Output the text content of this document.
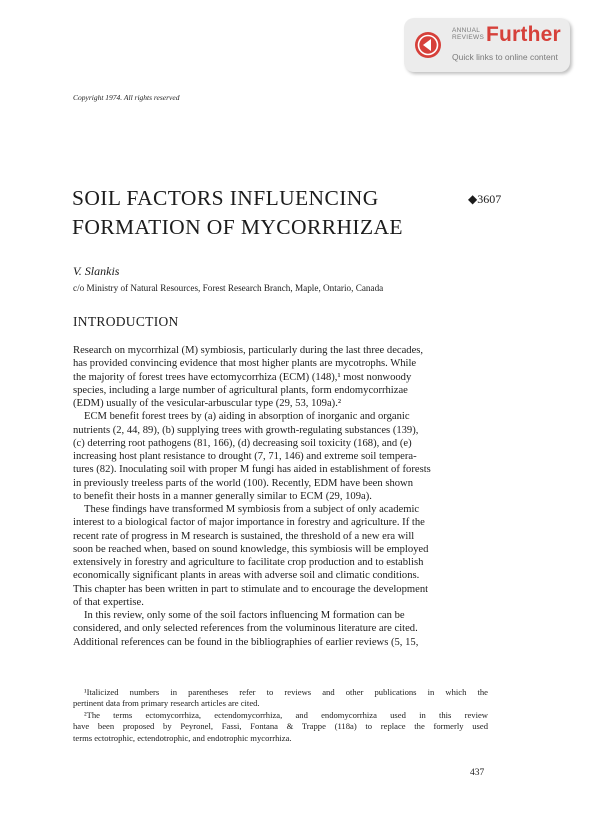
ANNUAL
REVIEWS Further
Quick links to online content
Copyright 1974. All rights reserved
SOIL FACTORS INFLUENCING
FORMATION OF MYCORRHIZAE
◆3607
V. Slankis
c/o Ministry of Natural Resources, Forest Research Branch, Maple, Ontario, Canada
INTRODUCTION
Research on mycorrhizal (M) symbiosis, particularly during the last three decades,
has provided convincing evidence that most higher plants are mycotrophs. While
the majority of forest trees have ectomycorrhiza (ECM) (148),¹ most nonwoody
species, including a large number of agricultural plants, form endomycorrhizae
(EDM) usually of the vesicular-arbuscular type (29, 53, 109a).²
ECM benefit forest trees by (a) aiding in absorption of inorganic and organic
nutrients (2, 44, 89), (b) supplying trees with growth-regulating substances (139),
(c) deterring root pathogens (81, 166), (d) decreasing soil toxicity (168), and (e)
increasing host plant resistance to drought (7, 71, 146) and extreme soil tempera-
tures (82). Inoculating soil with proper M fungi has aided in establishment of forests
in previously treeless parts of the world (100). Recently, EDM have been shown
to benefit their hosts in a manner generally similar to ECM (29, 109a).
These findings have transformed M symbiosis from a subject of only academic
interest to a biological factor of major importance in forestry and agriculture. If the
recent rate of progress in M research is sustained, the threshold of a new era will
soon be reached when, based on sound knowledge, this symbiosis will be employed
extensively in forestry and agriculture to facilitate crop production and to establish
economically significant plants in areas with adverse soil and climatic conditions.
This chapter has been written in part to stimulate and to encourage the development
of that expertise.
In this review, only some of the soil factors influencing M formation can be
considered, and only selected references from the voluminous literature are cited.
Additional references can be found in the bibliographies of earlier reviews (5, 15,
¹Italicized numbers in parentheses refer to reviews and other publications in which the
pertinent data from primary research articles are cited.
²The terms ectomycorrhiza, ectendomycorrhiza, and endomycorrhiza used in this review
have been proposed by Peyronel, Fassi, Fontana & Trappe (118a) to replace the formerly used
terms ectotrophic, ectendotrophic, and endotrophic mycorrhiza.
437
